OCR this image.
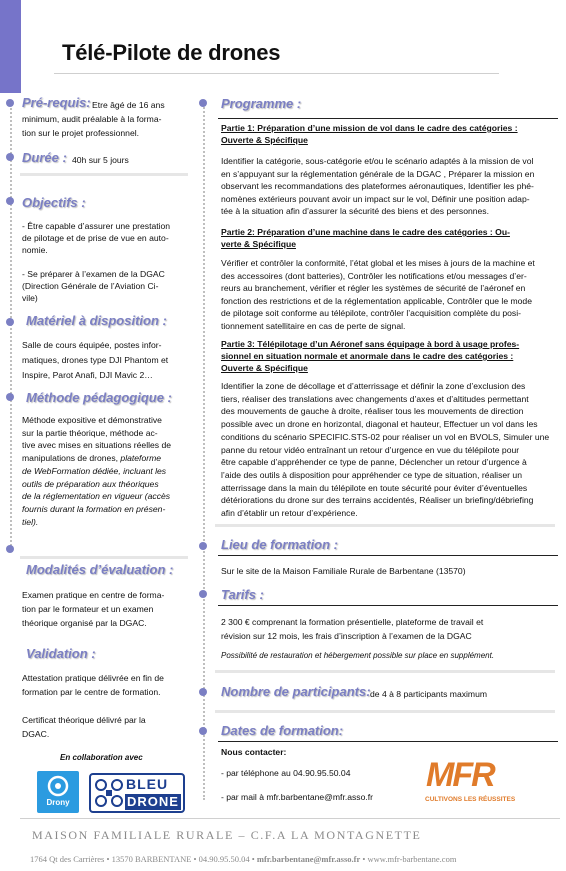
Télé-Pilote de drones
Pré-requis: Etre âgé de 16 ans
minimum, audit préalable à la forma-
tion sur le projet professionnel.
Durée : 40h sur 5 jours
Objectifs :
- Être capable d’assurer une prestation
de pilotage et de prise de vue en auto-
nomie.
- Se préparer à l’examen de la DGAC
(Direction Générale de l’Aviation Ci-
vile)
Matériel à disposition :
Salle de cours équipée, postes infor-
matiques, drones type DJI Phantom et
Inspire, Parot Anafi, DJI Mavic 2…
Méthode pédagogique :
Méthode expositive et démonstrative
sur la partie théorique, méthode ac-
tive avec mises en situations réelles de
manipulations de drones, plateforme
de WebFormation dédiée, incluant les
outils de préparation aux théoriques
de la réglementation en vigueur (accès
fournis durant la formation en présen-
tiel).
Modalités d’évaluation :
Examen pratique en centre de forma-
tion par le formateur et un examen
théorique organisé par la DGAC.
Validation :
Attestation pratique délivrée en fin de
formation par le centre de formation.
Certificat théorique délivré par la
DGAC.
En collaboration avec
Drony
BLEU
DRONE
Programme :
Partie 1: Préparation d’une mission de vol dans le cadre des catégories :
Ouverte & Spécifique
Identifier la catégorie, sous-catégorie et/ou le scénario adaptés à la mission de vol
en s’appuyant sur la réglementation générale de la DGAC , Préparer la mission en
observant les recommandations des plateformes aéronautiques, Identifier les phé-
nomènes extérieurs pouvant avoir un impact sur le vol, Définir une position adap-
tée à la situation afin d’assurer la sécurité des biens et des personnes.
Partie 2: Préparation d’une machine dans le cadre des catégories : Ou-
verte & Spécifique
Vérifier et contrôler la conformité, l’état global et les mises à jours de la machine et
des accessoires (dont batteries), Contrôler les notifications et/ou messages d’er-
reurs au branchement, vérifier et régler les systèmes de sécurité de l’aéronef en
fonction des restrictions et de la réglementation applicable, Contrôler que le mode
de pilotage soit conforme au télépilote, contrôler l’acquisition complète du posi-
tionnement satellitaire en cas de perte de signal.
Partie 3: Télépilotage d’un Aéronef sans équipage à bord à usage profes-
sionnel en situation normale et anormale dans le cadre des catégories :
Ouverte & Spécifique
Identifier la zone de décollage et d’atterrissage et définir la zone d’exclusion des
tiers, réaliser des translations avec changements d’axes et d’altitudes permettant
des mouvements de gauche à droite, réaliser tous les mouvements de direction
possible avec un drone en horizontal, diagonal et hauteur, Effectuer un vol dans les
conditions du scénario SPECIFIC.STS-02 pour réaliser un vol en BVOLS, Simuler une
panne du retour vidéo entraînant un retour d’urgence en vue du télépilote pour
être capable d’appréhender ce type de panne, Déclencher un retour d’urgence à
l’aide des outils à disposition pour appréhender ce type de situation, réaliser un
atterrissage dans la main du télépilote en toute sécurité pour éviter d’éventuelles
détériorations du drone sur des terrains accidentés, Réaliser un briefing/débriefing
afin d’établir un retour d’expérience.
Lieu de formation :
Sur le site de la Maison Familiale Rurale de Barbentane (13570)
Tarifs :
2 300 € comprenant la formation présentielle, plateforme de travail et
révision sur 12 mois, les frais d’inscription à l’examen de la DGAC
Possibilité de restauration et hébergement possible sur place en supplément.
Nombre de participants: de 4 à 8 participants maximum
Dates de formation:
Nous contacter:
- par téléphone au 04.90.95.50.04
- par mail à mfr.barbentane@mfr.asso.fr
MFR
CULTIVONS LES RÉUSSITES
MAISON FAMILIALE RURALE – C.F.A LA MONTAGNETTE
1764 Qt des Carrières • 13570 BARBENTANE • 04.90.95.50.04 • mfr.barbentane@mfr.asso.fr • www.mfr-barbentane.com
